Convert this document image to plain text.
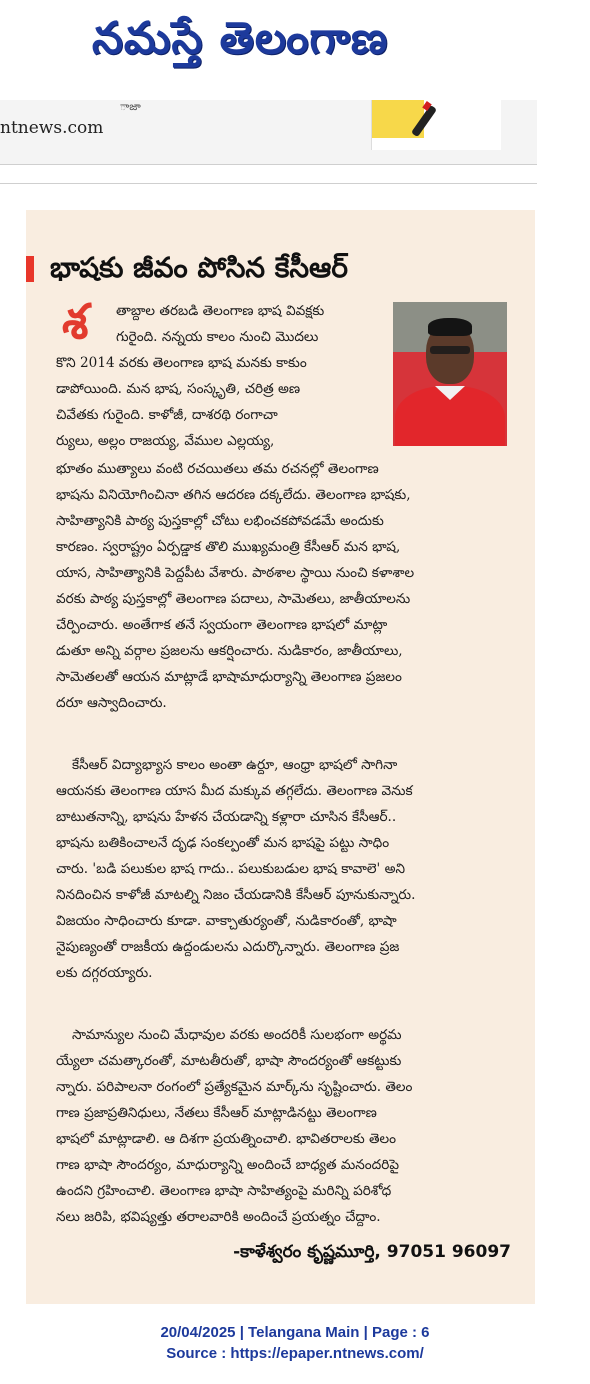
నమస్తే తెలంగాణ
ాజా
ntnews.com
భాషకు జీవం పోసిన కేసీఆర్
శ తాబ్దాల తరబడి తెలంగాణ భాష వివక్షకు
గురైంది. నన్నయ కాలం నుంచి మొదలు
కొని 2014 వరకు తెలంగాణ భాష మనకు కాకుం
డాపోయింది. మన భాష, సంస్కృతి, చరిత్ర అణ
చివేతకు గురైంది. కాళోజీ, దాశరథి రంగాచా
ర్యులు, అల్లం రాజయ్య, వేముల ఎల్లయ్య,
భూతం ముత్యాలు వంటి రచయితలు తమ రచనల్లో తెలంగాణ
భాషను వినియోగించినా తగిన ఆదరణ దక్కలేదు. తెలంగాణ భాషకు,
సాహిత్యానికి పాఠ్య పుస్తకాల్లో చోటు లభించకపోవడమే అందుకు
కారణం. స్వరాష్ట్రం ఏర్పడ్డాక తొలి ముఖ్యమంత్రి కేసీఆర్ మన భాష,
యాస, సాహిత్యానికి పెద్దపీట వేశారు. పాఠశాల స్థాయి నుంచి కళాశాల
వరకు పాఠ్య పుస్తకాల్లో తెలంగాణ పదాలు, సామెతలు, జాతీయాలను
చేర్పించారు. అంతేగాక తనే స్వయంగా తెలంగాణ భాషలో మాట్లా
డుతూ అన్ని వర్గాల ప్రజలను ఆకర్షించారు. నుడికారం, జాతీయాలు,
సామెతలతో ఆయన మాట్లాడే భాషామాధుర్యాన్ని తెలంగాణ ప్రజలం
దరూ ఆస్వాదించారు.
కేసీఆర్ విద్యాభ్యాస కాలం అంతా ఉర్దూ, ఆంధ్రా భాషలో సాగినా
ఆయనకు తెలంగాణ యాస మీద మక్కువ తగ్గలేదు. తెలంగాణ వెనుక
బాటుతనాన్ని, భాషను హేళన చేయడాన్ని కళ్లారా చూసిన కేసీఆర్..
భాషను బతికించాలనే దృఢ సంకల్పంతో మన భాషపై పట్టు సాధిం
చారు. 'బడి పలుకుల భాష గాదు.. పలుకుబడుల భాష కావాలె' అని
నినదించిన కాళోజీ మాటల్ని నిజం చేయడానికి కేసీఆర్ పూనుకున్నారు.
విజయం సాధించారు కూడా. వాక్చాతుర్యంతో, నుడికారంతో, భాషా
నైపుణ్యంతో రాజకీయ ఉద్దండులను ఎదుర్కొన్నారు. తెలంగాణ ప్రజ
లకు దగ్గరయ్యారు.
సామాన్యుల నుంచి మేధావుల వరకు అందరికీ సులభంగా అర్థమ
య్యేలా చమత్కారంతో, మాటతీరుతో, భాషా సౌందర్యంతో ఆకట్టుకు
న్నారు. పరిపాలనా రంగంలో ప్రత్యేకమైన మార్క్‌ను సృష్టించారు. తెలం
గాణ ప్రజాప్రతినిధులు, నేతలు కేసీఆర్ మాట్లాడినట్టు తెలంగాణ
భాషలో మాట్లాడాలి. ఆ దిశగా ప్రయత్నించాలి. భావితరాలకు తెలం
గాణ భాషా సౌందర్యం, మాధుర్యాన్ని అందించే బాధ్యత మనందరిపై
ఉందని గ్రహించాలి. తెలంగాణ భాషా సాహిత్యంపై మరిన్ని పరిశోధ
నలు జరిపి, భవిష్యత్తు తరాలవారికి అందించే ప్రయత్నం చేద్దాం.
-కాళేశ్వరం కృష్ణమూర్తి, 97051 96097
20/04/2025 | Telangana Main | Page : 6
Source : https://epaper.ntnews.com/
